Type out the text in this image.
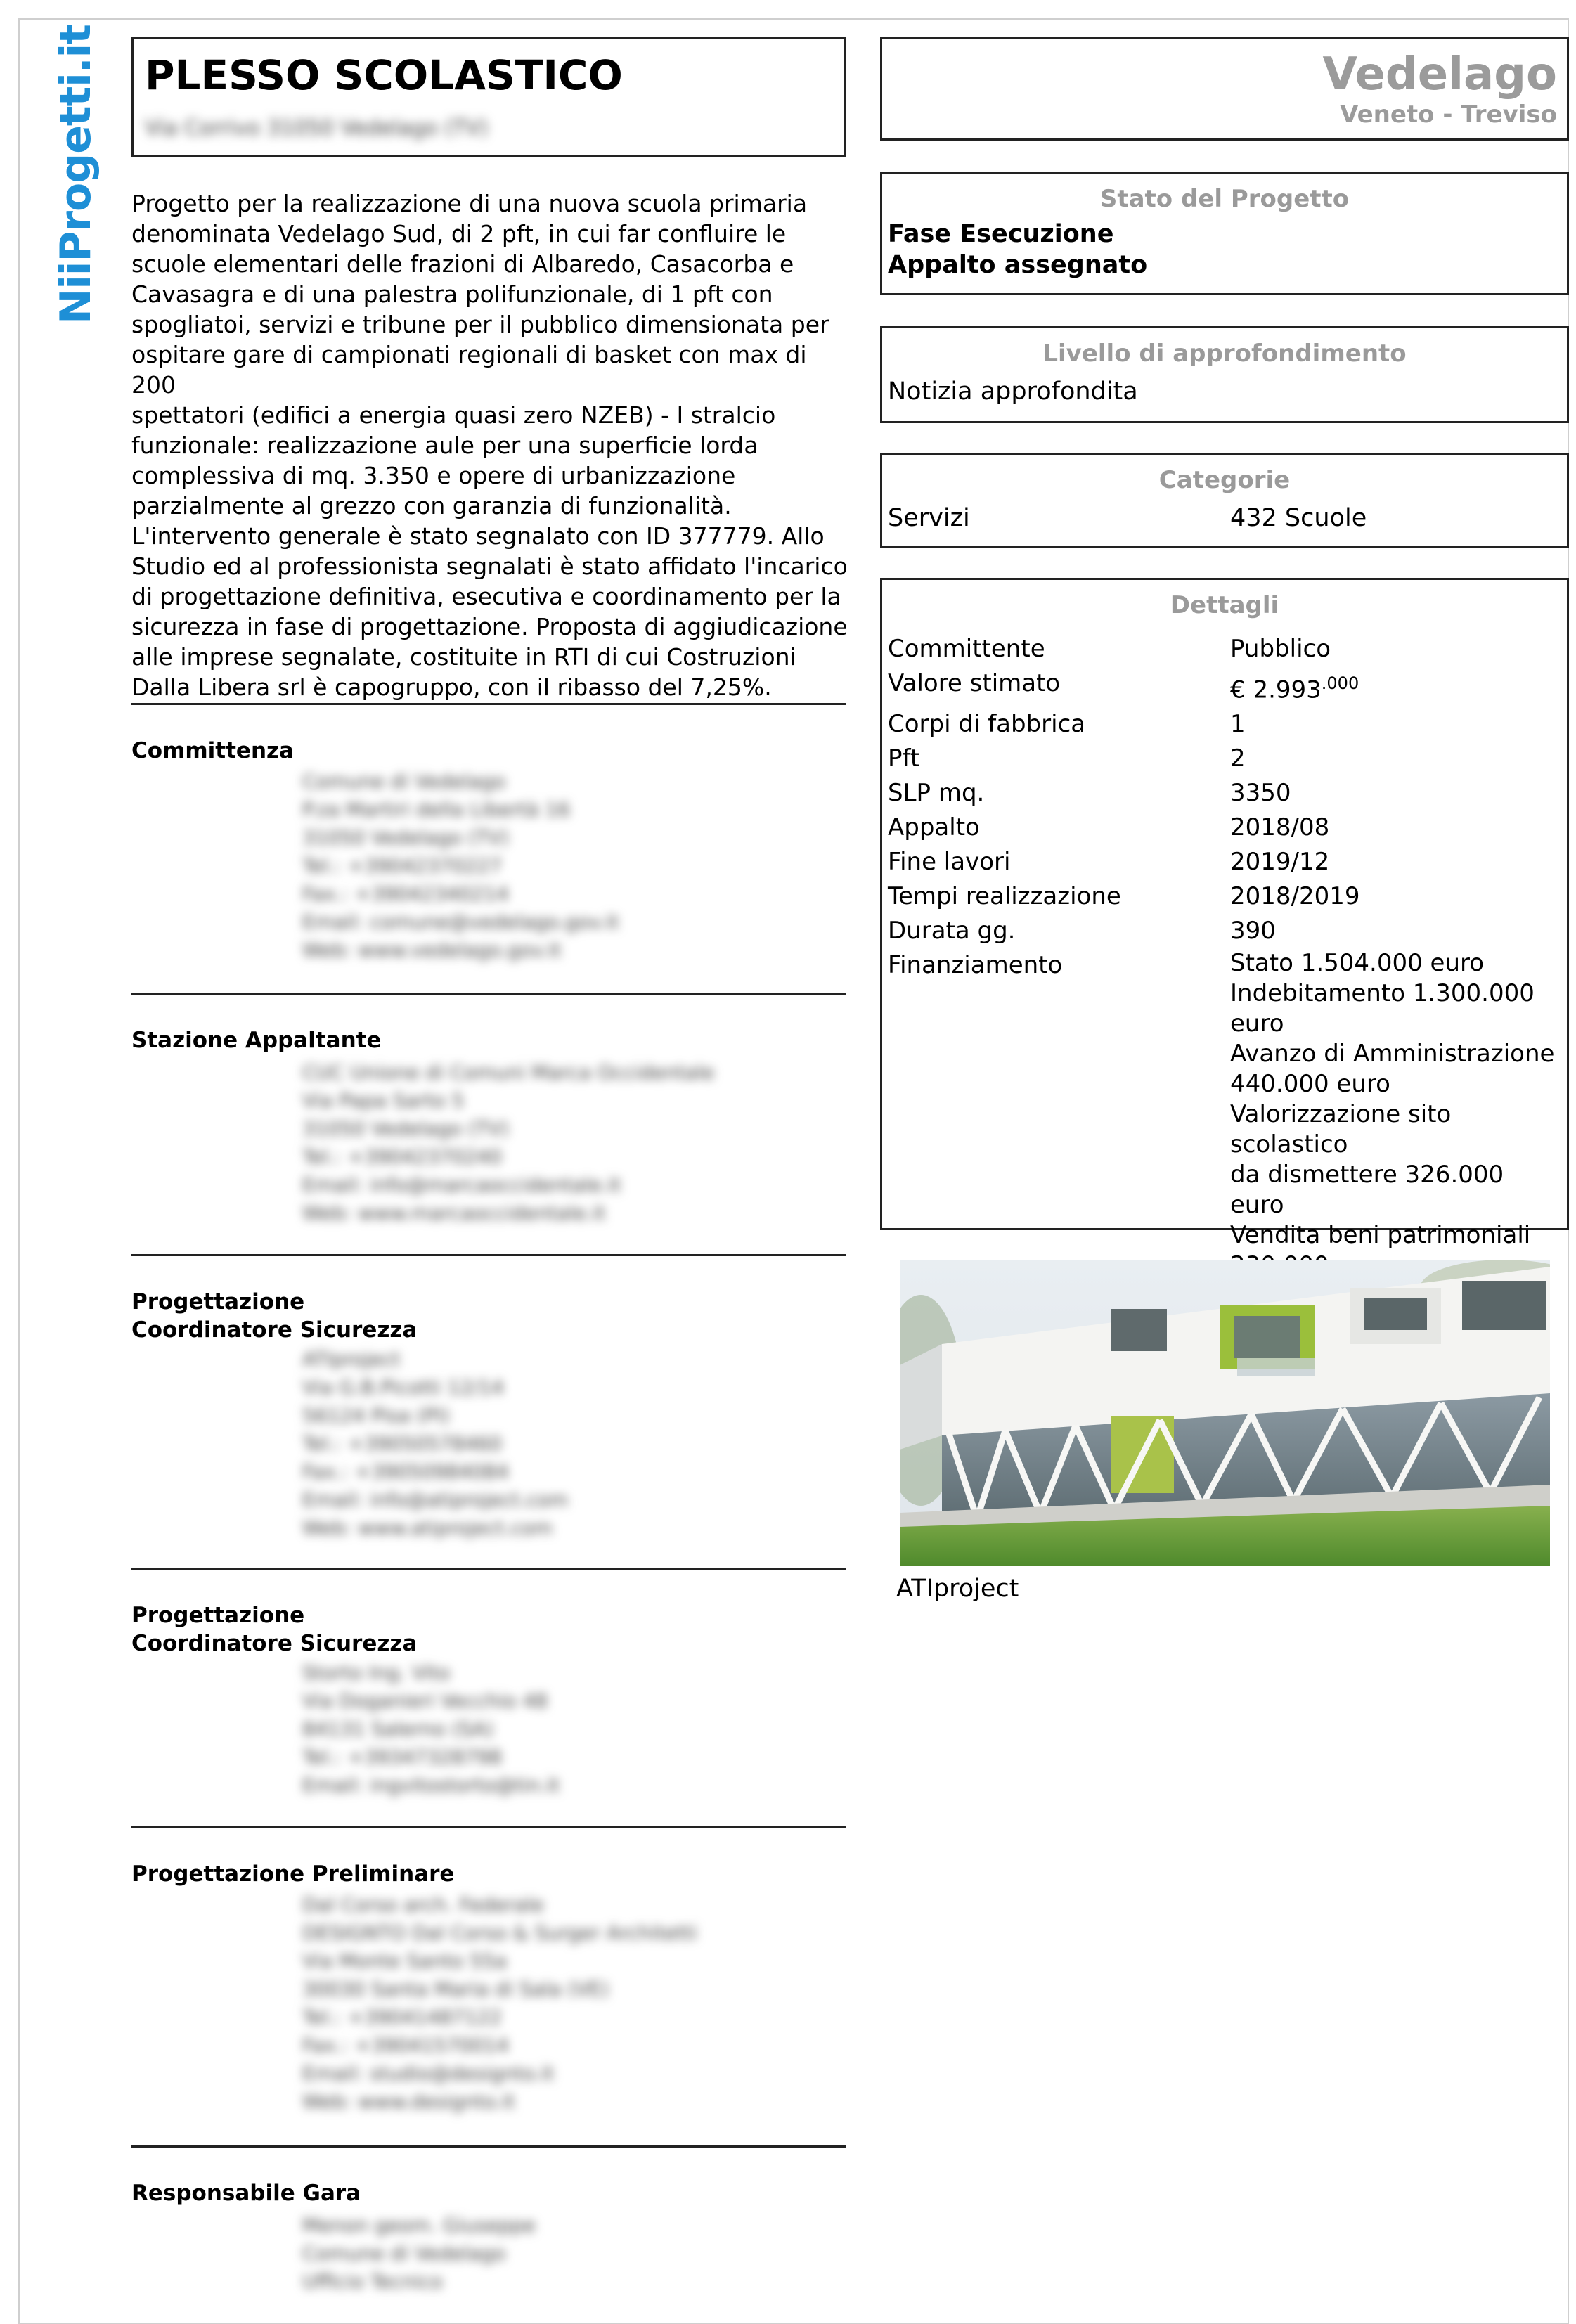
NiiProgetti.it PLESSO SCOLASTICO
Via Corrivo 31050 Vedelago (TV)
Progetto per la realizzazione di una nuova scuola primaria
denominata Vedelago Sud, di 2 pft, in cui far confluire le
scuole elementari delle frazioni di Albaredo, Casacorba e
Cavasagra e di una palestra polifunzionale, di 1 pft con
spogliatoi, servizi e tribune per il pubblico dimensionata per
ospitare gare di campionati regionali di basket con max di 200
spettatori (edifici a energia quasi zero NZEB) - I stralcio
funzionale: realizzazione aule per una superficie lorda
complessiva di mq. 3.350 e opere di urbanizzazione
parzialmente al grezzo con garanzia di funzionalità.
L'intervento generale è stato segnalato con ID 377779. Allo
Studio ed al professionista segnalati è stato affidato l'incarico
di progettazione definitiva, esecutiva e coordinamento per la
sicurezza in fase di progettazione. Proposta di aggiudicazione
alle imprese segnalate, costituite in RTI di cui Costruzioni
Dalla Libera srl è capogruppo, con il ribasso del 7,25%.
Committenza
Comune di Vedelago
P.za Martiri della Libertà 16
31050 Vedelago (TV)
Tel.: +39042370227
Fax.: +39042340214
Email: comune@vedelago.gov.it
Web: www.vedelago.gov.it
Stazione Appaltante
CUC Unione di Comuni Marca Occidentale
Via Papa Sarto 5
31050 Vedelago (TV)
Tel.: +39042370240
Email: info@marcaoccidentale.it
Web: www.marcaoccidentale.it
Progettazione
Coordinatore Sicurezza
ATIproject
Via G.B.Picotti 12/14
56124 Pisa (PI)
Tel.: +39050578460
Fax.: +39050984084
Email: info@atiproject.com
Web: www.atiproject.com
Progettazione
Coordinatore Sicurezza
Storto Ing. Vito
Via Doganieri Vecchio 48
84131 Salerno (SA)
Tel.: +39347328798
Email: ingvitostorto@tin.it
Progettazione Preliminare
Dal Corso arch. Federale
DESIGNTO Dal Corso & Surger Architetti
Via Monte Santo 55a
30030 Santa Maria di Sala (VE)
Tel.: +39041487122
Fax.: +39041570014
Email: studio@designto.it
Web: www.designto.it
Responsabile Gara
Menon geom. Giuseppe
Comune di Vedelago
Ufficio Tecnico
Vedelago
Veneto - Treviso
Stato del Progetto
Fase Esecuzione
Appalto assegnato
Livello di approfondimento
Notizia approfondita
Categorie
Servizi	432 Scuole
Dettagli
Committente	Pubblico
Valore stimato	€ $2.993^{.000}$
Corpi di fabbrica	1
Pft	2
SLP mq.	3350
Appalto	2018/08
Fine lavori	2019/12
Tempi realizzazione	2018/2019
Durata gg.	390
Finanziamento	Stato 1.504.000 euro
Indebitamento 1.300.000
euro
Avanzo di Amministrazione
440.000 euro
Valorizzazione sito scolastico
da dismettere 326.000 euro
Vendita beni patrimoniali
ATIproject
